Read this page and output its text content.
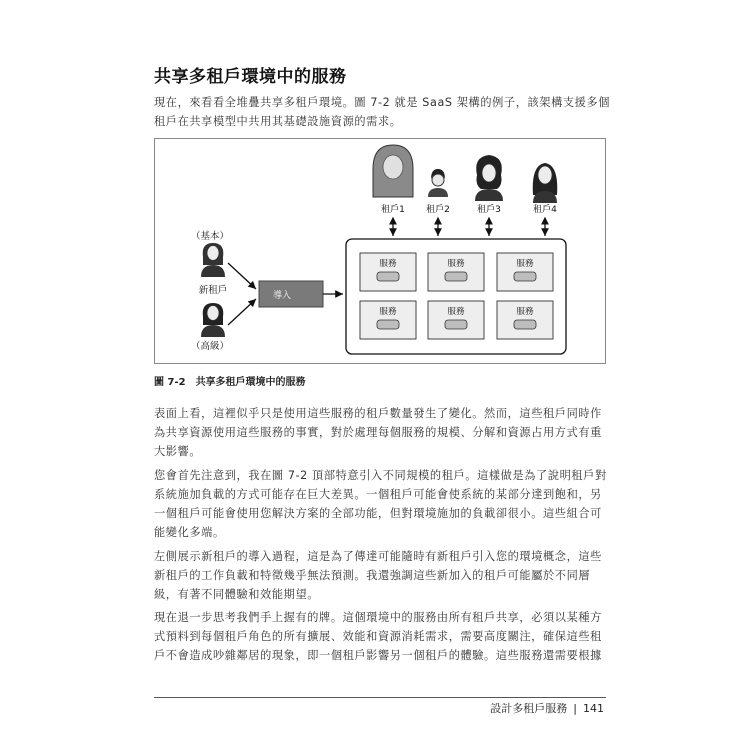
共享多租戶環境中的服務

現在，來看看全堆疊共享多租戶環境。圖 7-2 就是 SaaS 架構的例子，該架構支援多個租戶在共享模型中共用其基礎設施資源的需求。

租戶1 租戶2	租戶3	租戶4
服務	服務	服務
服務	服務	服務
（基本）
新租戶
（高級）
導入
圖 7-2 共享多租戶環境中的服務

表面上看，這裡似乎只是使用這些服務的租戶數量發生了變化。然而，這些租戶同時作為共享資源使用這些服務的事實，對於處理每個服務的規模、分解和資源占用方式有重大影響。

您會首先注意到，我在圖 7-2 頂部特意引入不同規模的租戶。這樣做是為了說明租戶對系統施加負載的方式可能存在巨大差異。一個租戶可能會使系統的某部分達到飽和，另一個租戶可能會使用您解決方案的全部功能，但對環境施加的負載卻很小。這些組合可能變化多端。

左側展示新租戶的導入過程，這是為了傳達可能隨時有新租戶引入您的環境概念，這些新租戶的工作負載和特徵幾乎無法預測。我還強調這些新加入的租戶可能屬於不同層級，有著不同體驗和效能期望。

現在退一步思考我們手上握有的牌。這個環境中的服務由所有租戶共享，必須以某種方式預料到每個租戶角色的所有擴展、效能和資源消耗需求，需要高度關注，確保這些租戶不會造成吵雜鄰居的現象，即一個租戶影響另一個租戶的體驗。這些服務還需要根據

設計多租戶服務 | 141
